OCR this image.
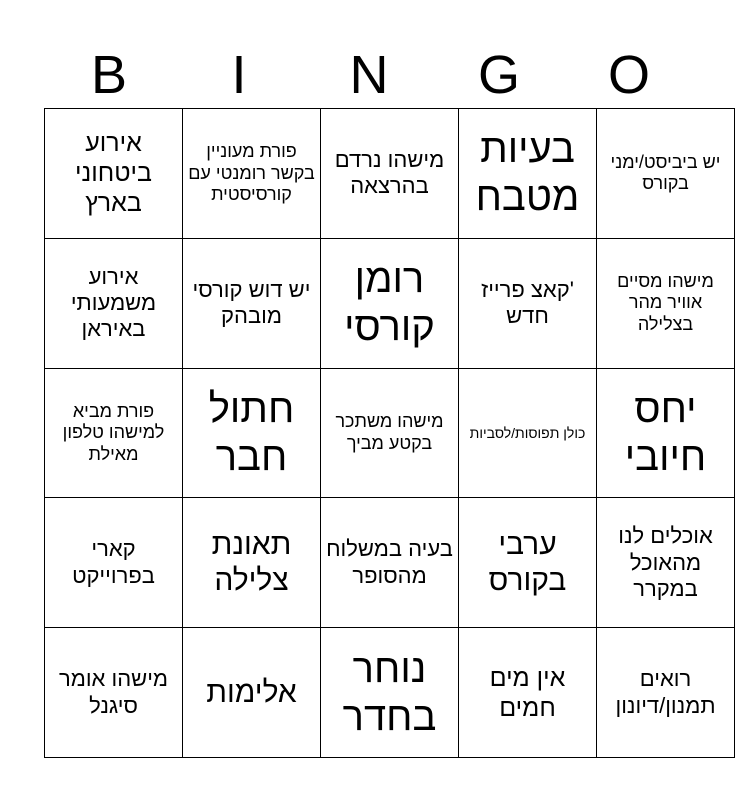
B	I	N	G	O
אירוע ביטחוני בארץ	פורת מעוניין בקשר רומנטי עם קורסיסטית	מישהו נרדם בהרצאה	בעיות מטבח	יש ביביסט/ימני בקורס

אירוע משמעותי באיראן	יש דוש קורסי מובהק	רומן קורסי	'קאצ פרייז חדש	מישהו מסיים אוויר מהר בצלילה

פורת מביא למישהו טלפון מאילת	חתול חבר	מישהו משתכר בקטע מביך	כולן תפוסות/לסביות	יחס חיובי

קארי בפרוייקט	תאונת צלילה	בעיה במשלוח מהסופר	ערבי בקורס	אוכלים לנו מהאוכל במקרר

מישהו אומר סיגנל	אלימות	נוחר בחדר	אין מים חמים	רואים תמנון/דיונון
